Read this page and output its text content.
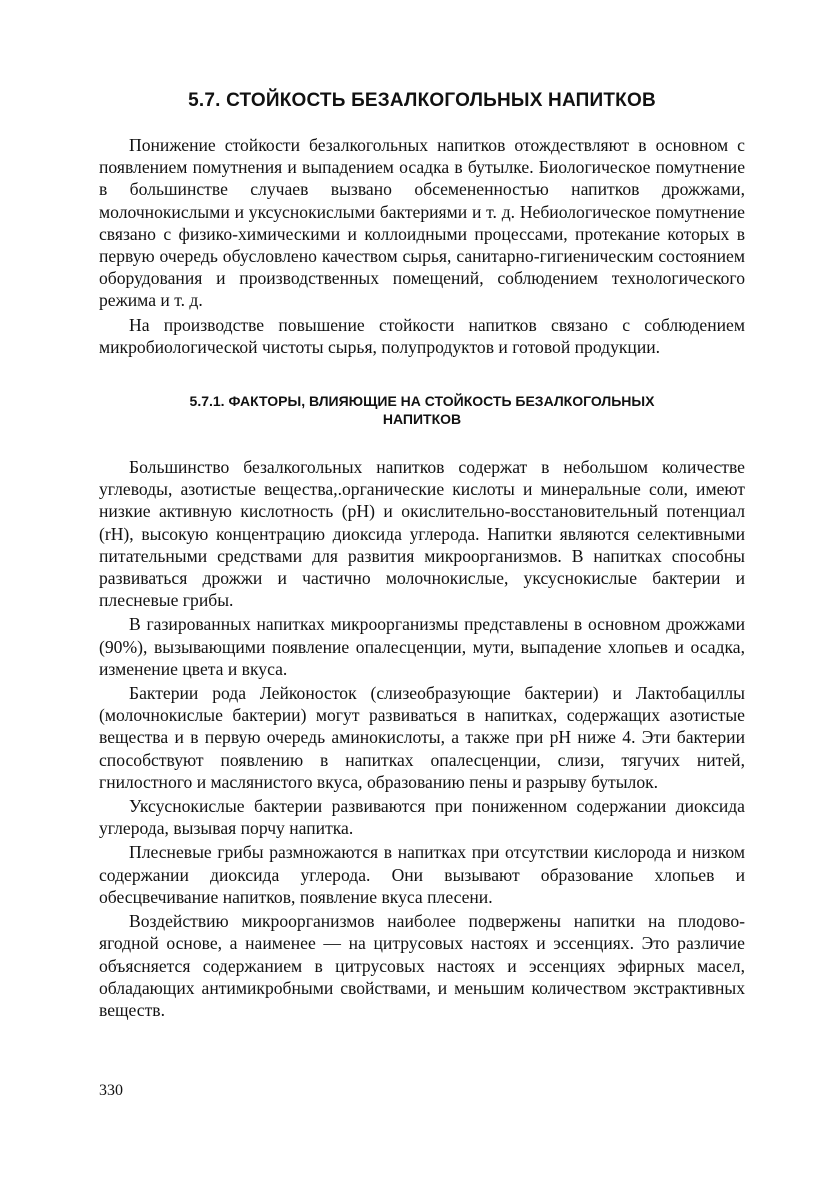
5.7. СТОЙКОСТЬ БЕЗАЛКОГОЛЬНЫХ НАПИТКОВ

Понижение стойкости безалкогольных напитков отождествляют в основном с появлением помутнения и выпадением осадка в бутылке. Биологическое помутнение в большинстве случаев вызвано обсемененностью напитков дрожжами, молочнокислыми и уксуснокислыми бактериями и т. д. Небиологическое помутнение связано с физико-химическими и коллоидными процессами, протекание которых в первую очередь обусловлено качеством сырья, санитарно-гигиеническим состоянием оборудования и производственных помещений, соблюдением технологического режима и т. д.

На производстве повышение стойкости напитков связано с соблюдением микробиологической чистоты сырья, полупродуктов и готовой продукции.

5.7.1. ФАКТОРЫ, ВЛИЯЮЩИЕ НА СТОЙКОСТЬ БЕЗАЛКОГОЛЬНЫХ
НАПИТКОВ

Большинство безалкогольных напитков содержат в небольшом количестве углеводы, азотистые вещества,.органические кислоты и минеральные соли, имеют низкие активную кислотность (рН) и окислительно-восстановительный потенциал (rH), высокую концентрацию диоксида углерода. Напитки являются селективными питательными средствами для развития микроорганизмов. В напитках способны развиваться дрожжи и частично молочнокислые, уксуснокислые бактерии и плесневые грибы.

В газированных напитках микроорганизмы представлены в основном дрожжами (90%), вызывающими появление опалесценции, мути, выпадение хлопьев и осадка, изменение цвета и вкуса.

Бактерии рода Лейконосток (слизеобразующие бактерии) и Лактобациллы (молочнокислые бактерии) могут развиваться в напитках, содержащих азотистые вещества и в первую очередь аминокислоты, а также при рН ниже 4. Эти бактерии способствуют появлению в напитках опалесценции, слизи, тягучих нитей, гнилостного и маслянистого вкуса, образованию пены и разрыву бутылок.

Уксуснокислые бактерии развиваются при пониженном содержании диоксида углерода, вызывая порчу напитка.

Плесневые грибы размножаются в напитках при отсутствии кислорода и низком содержании диоксида углерода. Они вызывают образование хлопьев и обесцвечивание напитков, появление вкуса плесени.

Воздействию микроорганизмов наиболее подвержены напитки на плодово-ягодной основе, а наименее — на цитрусовых настоях и эссенциях. Это различие объясняется содержанием в цитрусовых настоях и эссенциях эфирных масел, обладающих антимикробными свойствами, и меньшим количеством экстрактивных веществ.

330
